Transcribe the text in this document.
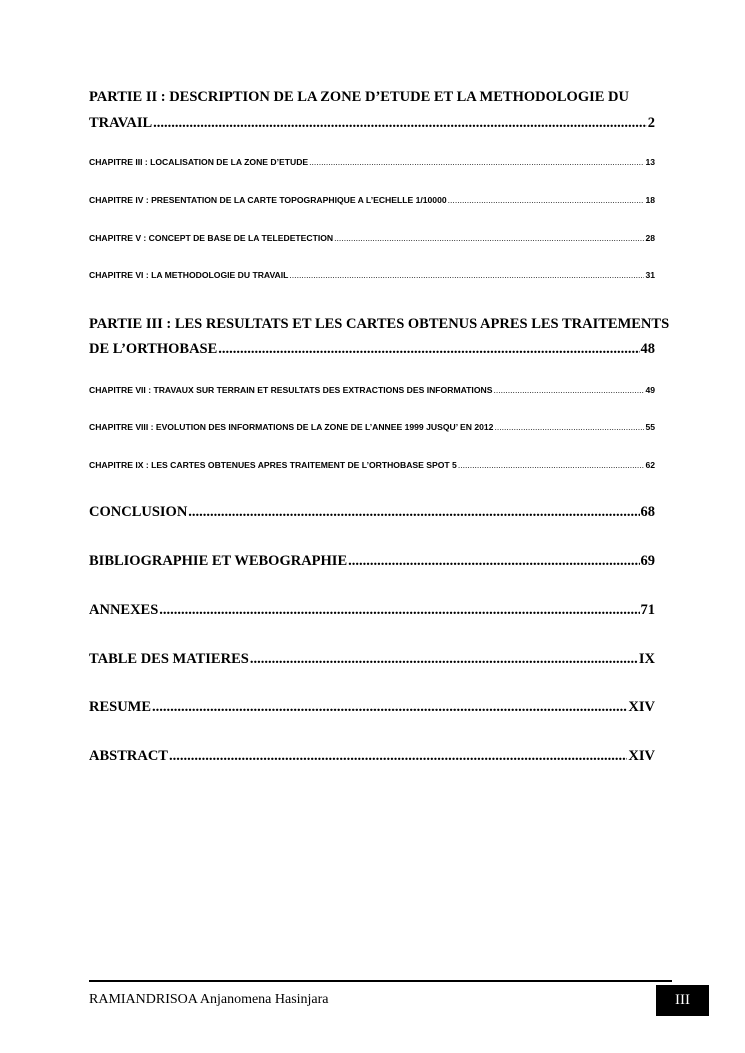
PARTIE II : DESCRIPTION DE LA ZONE D’ETUDE ET LA METHODOLOGIE DU
TRAVAIL .....	2
CHAPITRE III : LOCALISATION DE LA ZONE D’ETUDE .....	13
CHAPITRE IV : PRESENTATION DE LA CARTE TOPOGRAPHIQUE A L’ECHELLE 1/10000 .....	18
CHAPITRE V : CONCEPT DE BASE DE LA TELEDETECTION .....	28
CHAPITRE VI : LA METHODOLOGIE DU TRAVAIL .....	31
PARTIE III : LES RESULTATS ET LES CARTES OBTENUS APRES LES TRAITEMENTS
DE L’ORTHOBASE .....	48
CHAPITRE VII : TRAVAUX SUR TERRAIN ET RESULTATS DES EXTRACTIONS DES INFORMATIONS .....	49
CHAPITRE VIII : EVOLUTION DES INFORMATIONS DE LA ZONE DE L’ANNEE 1999 JUSQU’ EN 2012 .....	55
CHAPITRE IX : LES CARTES OBTENUES APRES TRAITEMENT DE L’ORTHOBASE SPOT 5 .....	62
CONCLUSION .....	68
BIBLIOGRAPHIE ET WEBOGRAPHIE .....	69
ANNEXES .....	71
TABLE DES MATIERES .....	IX
RESUME .....	XIV
ABSTRACT .....	XIV
RAMIANDRISOA Anjanomena Hasinjara	III
